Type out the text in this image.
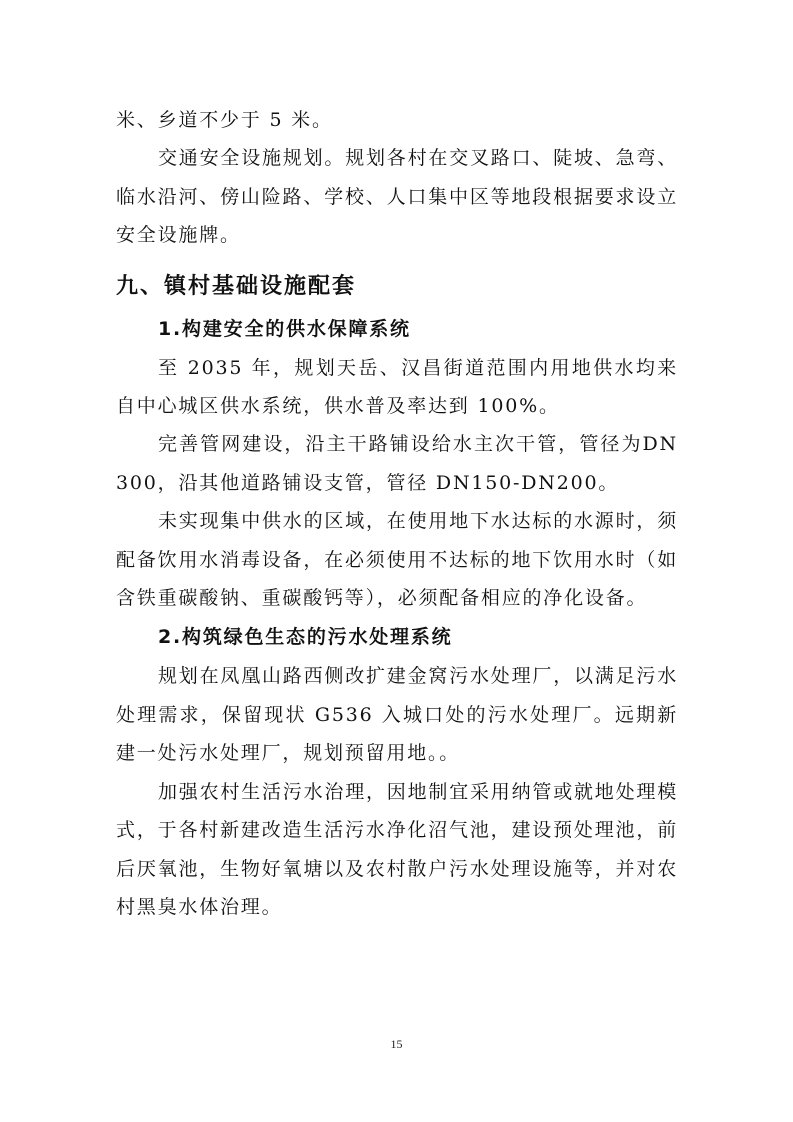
米、乡道不少于 5 米。

交通安全设施规划。规划各村在交叉路口、陡坡、急弯、临水沿河、傍山险路、学校、人口集中区等地段根据要求设立安全设施牌。

九、镇村基础设施配套
1.构建安全的供水保障系统

至 2035 年，规划天岳、汉昌街道范围内用地供水均来自中心城区供水系统，供水普及率达到 100%。

完善管网建设，沿主干路铺设给水主次干管，管径为DN300，沿其他道路铺设支管，管径 DN150-DN200。

未实现集中供水的区域，在使用地下水达标的水源时，须配备饮用水消毒设备，在必须使用不达标的地下饮用水时（如含铁重碳酸钠、重碳酸钙等），必须配备相应的净化设备。

2.构筑绿色生态的污水处理系统

规划在凤凰山路西侧改扩建金窝污水处理厂，以满足污水处理需求，保留现状 G536 入城口处的污水处理厂。远期新建一处污水处理厂，规划预留用地。。

加强农村生活污水治理，因地制宜采用纳管或就地处理模式，于各村新建改造生活污水净化沼气池，建设预处理池，前后厌氧池，生物好氧塘以及农村散户污水处理设施等，并对农村黑臭水体治理。

15
